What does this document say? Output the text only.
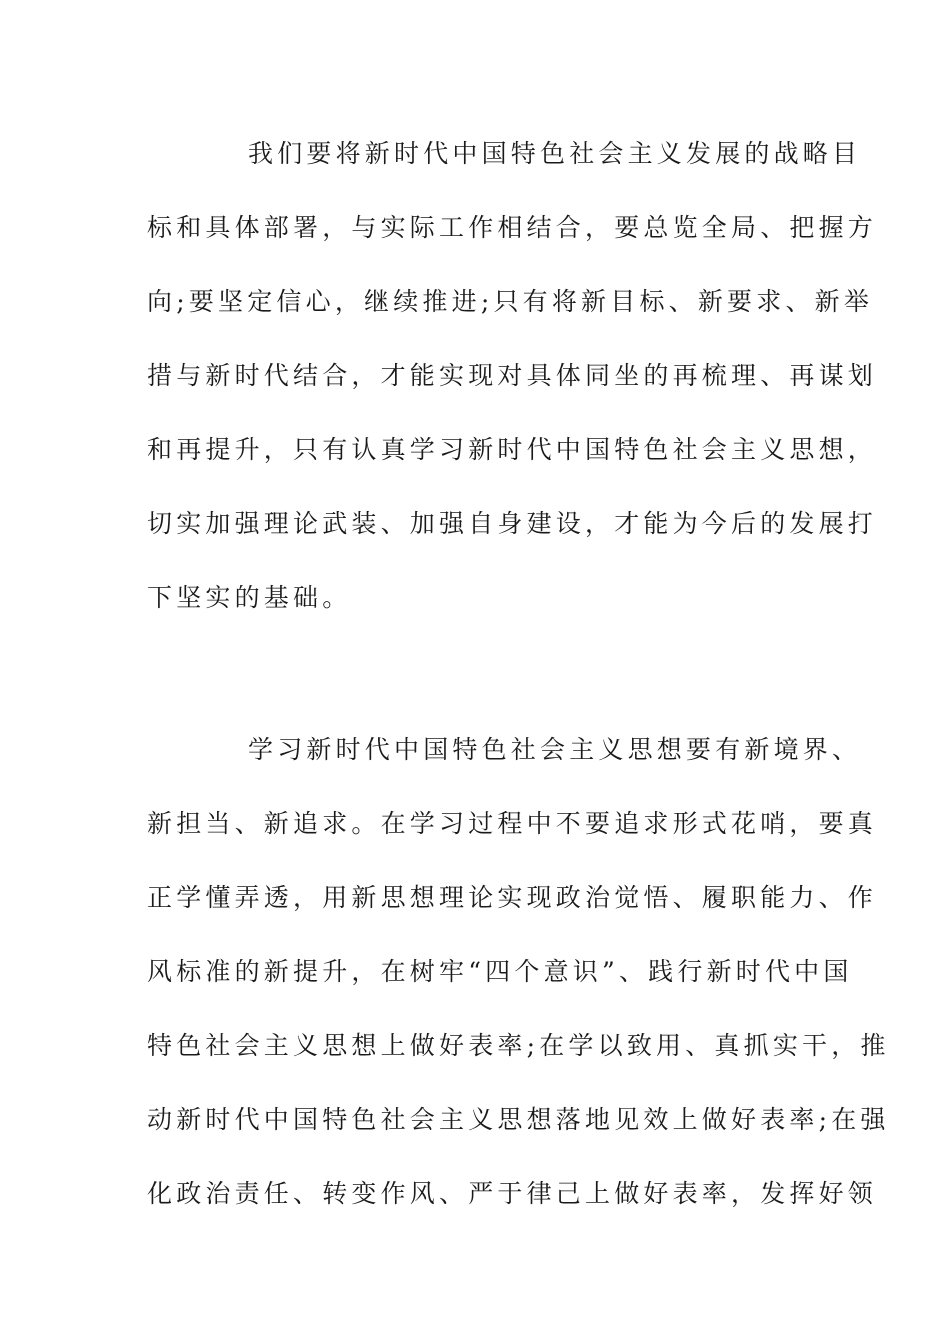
我们要将新时代中国特色社会主义发展的战略目
标和具体部署，与实际工作相结合，要总览全局、把握方
向;要坚定信心，继续推进;只有将新目标、新要求、新举
措与新时代结合，才能实现对具体同坐的再梳理、再谋划
和再提升，只有认真学习新时代中国特色社会主义思想，
切实加强理论武装、加强自身建设，才能为今后的发展打
下坚实的基础。
学习新时代中国特色社会主义思想要有新境界、
新担当、新追求。在学习过程中不要追求形式花哨，要真
正学懂弄透，用新思想理论实现政治觉悟、履职能力、作
风标准的新提升，在树牢“四个意识”、践行新时代中国
特色社会主义思想上做好表率;在学以致用、真抓实干，推
动新时代中国特色社会主义思想落地见效上做好表率;在强
化政治责任、转变作风、严于律己上做好表率，发挥好领
